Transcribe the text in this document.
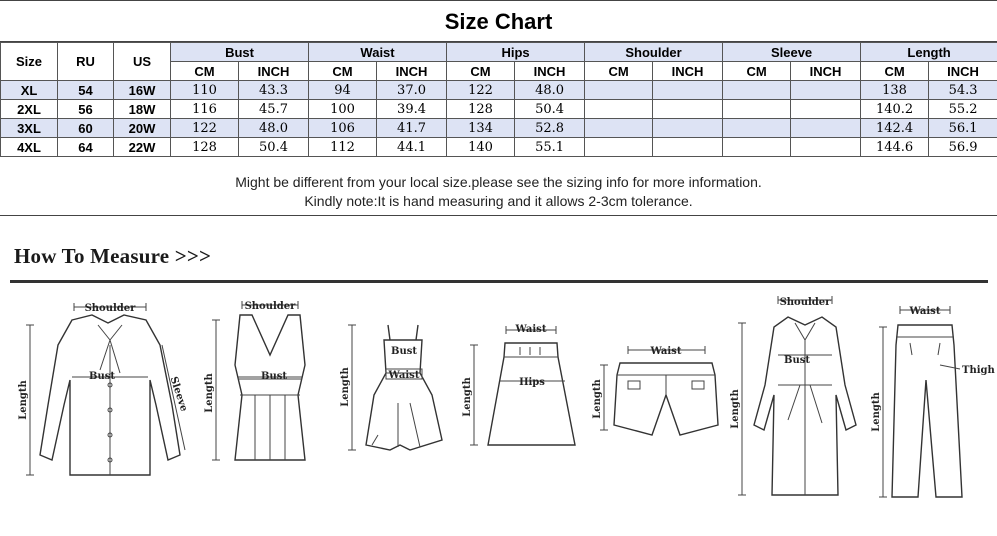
Size Chart
Size	RU	US	Bust		Waist		Hips		Shoulder		Sleeve		Length	
			CM	INCH	CM	INCH	CM	INCH	CM	INCH	CM	INCH	CM	INCH
XL	54	16W	110	43.3	94	37.0	122	48.0					138	54.3
2XL	56	18W	116	45.7	100	39.4	128	50.4					140.2	55.2
3XL	60	20W	122	48.0	106	41.7	134	52.8					142.4	56.1
4XL	64	22W	128	50.4	112	44.1	140	55.1					144.6	56.9
Might be different from your local size.please see the sizing info for more information.
Kindly note:It is hand measuring and it allows 2-3cm tolerance.
How To Measure >>>
Shoulder
Bust
Length	Sleeve
Shoulder
Bust
Length
Bust
Waist
Length
Waist
Hips
Length
Waist
Length
Shoulder
Bust
Length
Waist
Thigh
Length
